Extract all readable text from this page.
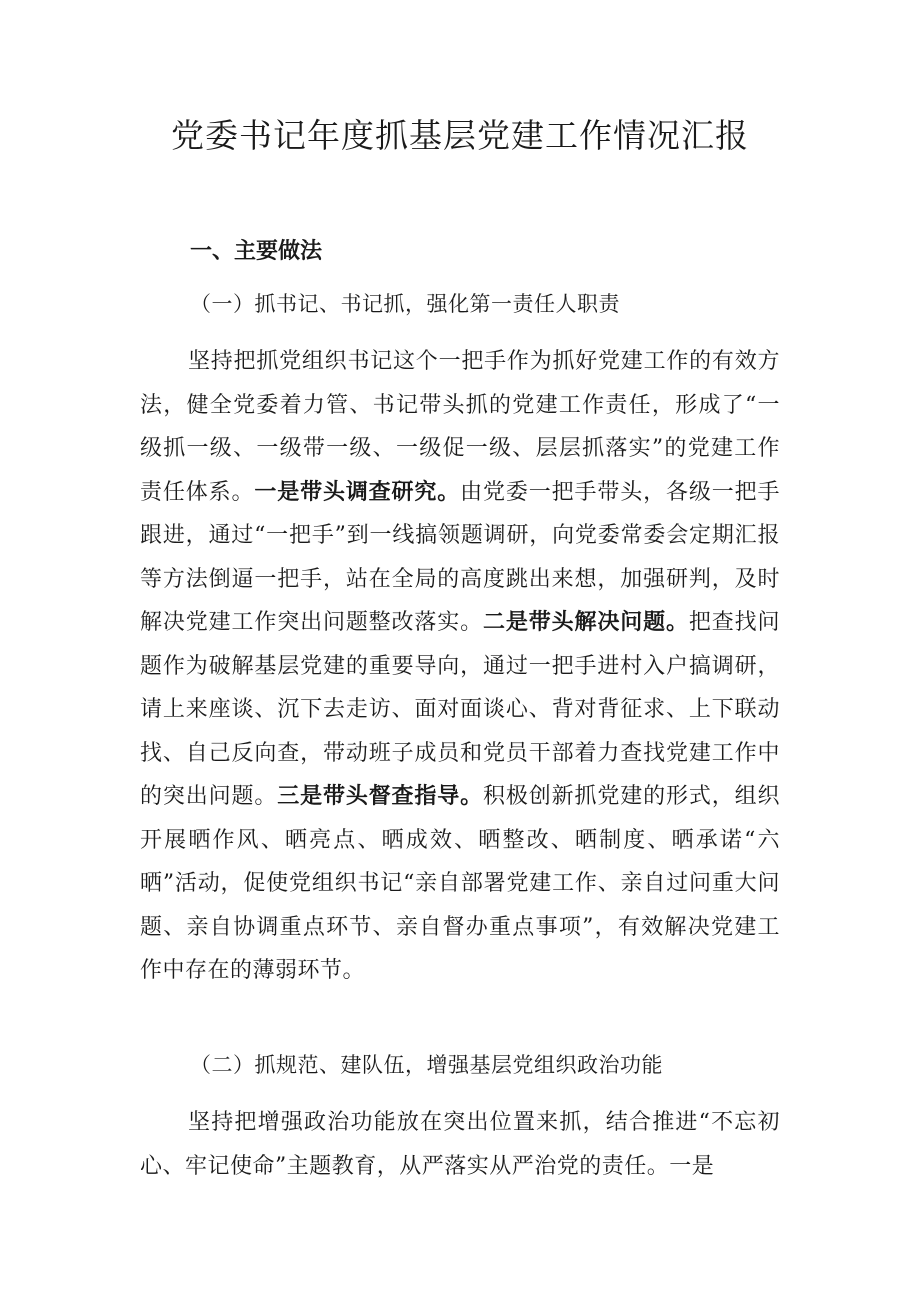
党委书记年度抓基层党建工作情况汇报
一、主要做法
（一）抓书记、书记抓，强化第一责任人职责

坚持把抓党组织书记这个一把手作为抓好党建工作的有效方法，健全党委着力管、书记带头抓的党建工作责任，形成了“一级抓一级、一级带一级、一级促一级、层层抓落实”的党建工作责任体系。一是带头调查研究。由党委一把手带头，各级一把手跟进，通过“一把手”到一线搞领题调研，向党委常委会定期汇报等方法倒逼一把手，站在全局的高度跳出来想，加强研判，及时解决党建工作突出问题整改落实。二是带头解决问题。把查找问题作为破解基层党建的重要导向，通过一把手进村入户搞调研，请上来座谈、沉下去走访、面对面谈心、背对背征求、上下联动找、自己反向查，带动班子成员和党员干部着力查找党建工作中的突出问题。三是带头督查指导。积极创新抓党建的形式，组织开展晒作风、晒亮点、晒成效、晒整改、晒制度、晒承诺“六晒”活动，促使党组织书记“亲自部署党建工作、亲自过问重大问题、亲自协调重点环节、亲自督办重点事项”，有效解决党建工作中存在的薄弱环节。

（二）抓规范、建队伍，增强基层党组织政治功能

坚持把增强政治功能放在突出位置来抓，结合推进“不忘初心、牢记使命”主题教育，从严落实从严治党的责任。一是
